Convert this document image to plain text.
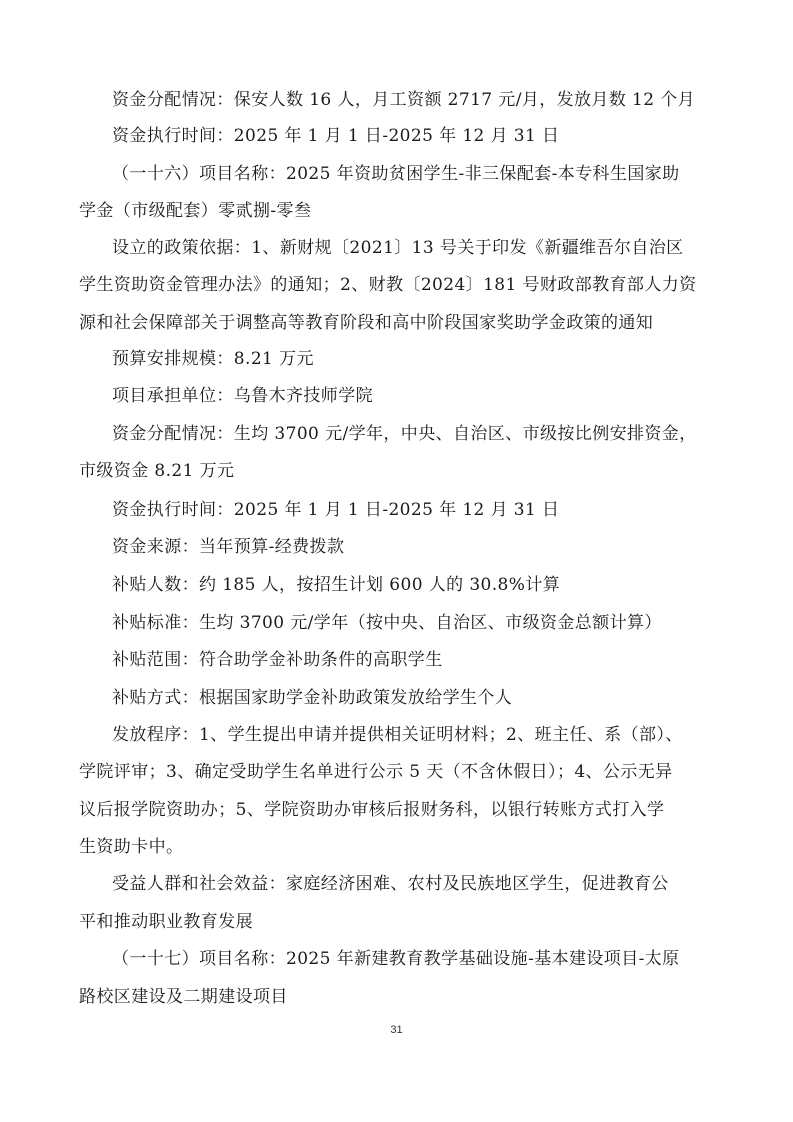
资金分配情况：保安人数 16 人，月工资额 2717 元/月，发放月数 12 个月
资金执行时间：2025 年 1 月 1 日-2025 年 12 月 31 日
（一十六）项目名称：2025 年资助贫困学生-非三保配套-本专科生国家助
学金（市级配套）零贰捌-零叁
设立的政策依据：1、新财规〔2021〕13 号关于印发《新疆维吾尔自治区
学生资助资金管理办法》的通知；2、财教〔2024〕181 号财政部教育部人力资
源和社会保障部关于调整高等教育阶段和高中阶段国家奖助学金政策的通知
预算安排规模：8.21 万元
项目承担单位：乌鲁木齐技师学院
资金分配情况：生均 3700 元/学年，中央、自治区、市级按比例安排资金，
市级资金 8.21 万元
资金执行时间：2025 年 1 月 1 日-2025 年 12 月 31 日
资金来源：当年预算-经费拨款
补贴人数：约 185 人，按招生计划 600 人的 30.8%计算
补贴标准：生均 3700 元/学年（按中央、自治区、市级资金总额计算）
补贴范围：符合助学金补助条件的高职学生
补贴方式：根据国家助学金补助政策发放给学生个人
发放程序：1、学生提出申请并提供相关证明材料；2、班主任、系（部）、
学院评审；3、确定受助学生名单进行公示 5 天（不含休假日）；4、公示无异
议后报学院资助办；5、学院资助办审核后报财务科，以银行转账方式打入学
生资助卡中。
受益人群和社会效益：家庭经济困难、农村及民族地区学生，促进教育公
平和推动职业教育发展
（一十七）项目名称：2025 年新建教育教学基础设施-基本建设项目-太原
路校区建设及二期建设项目
31
